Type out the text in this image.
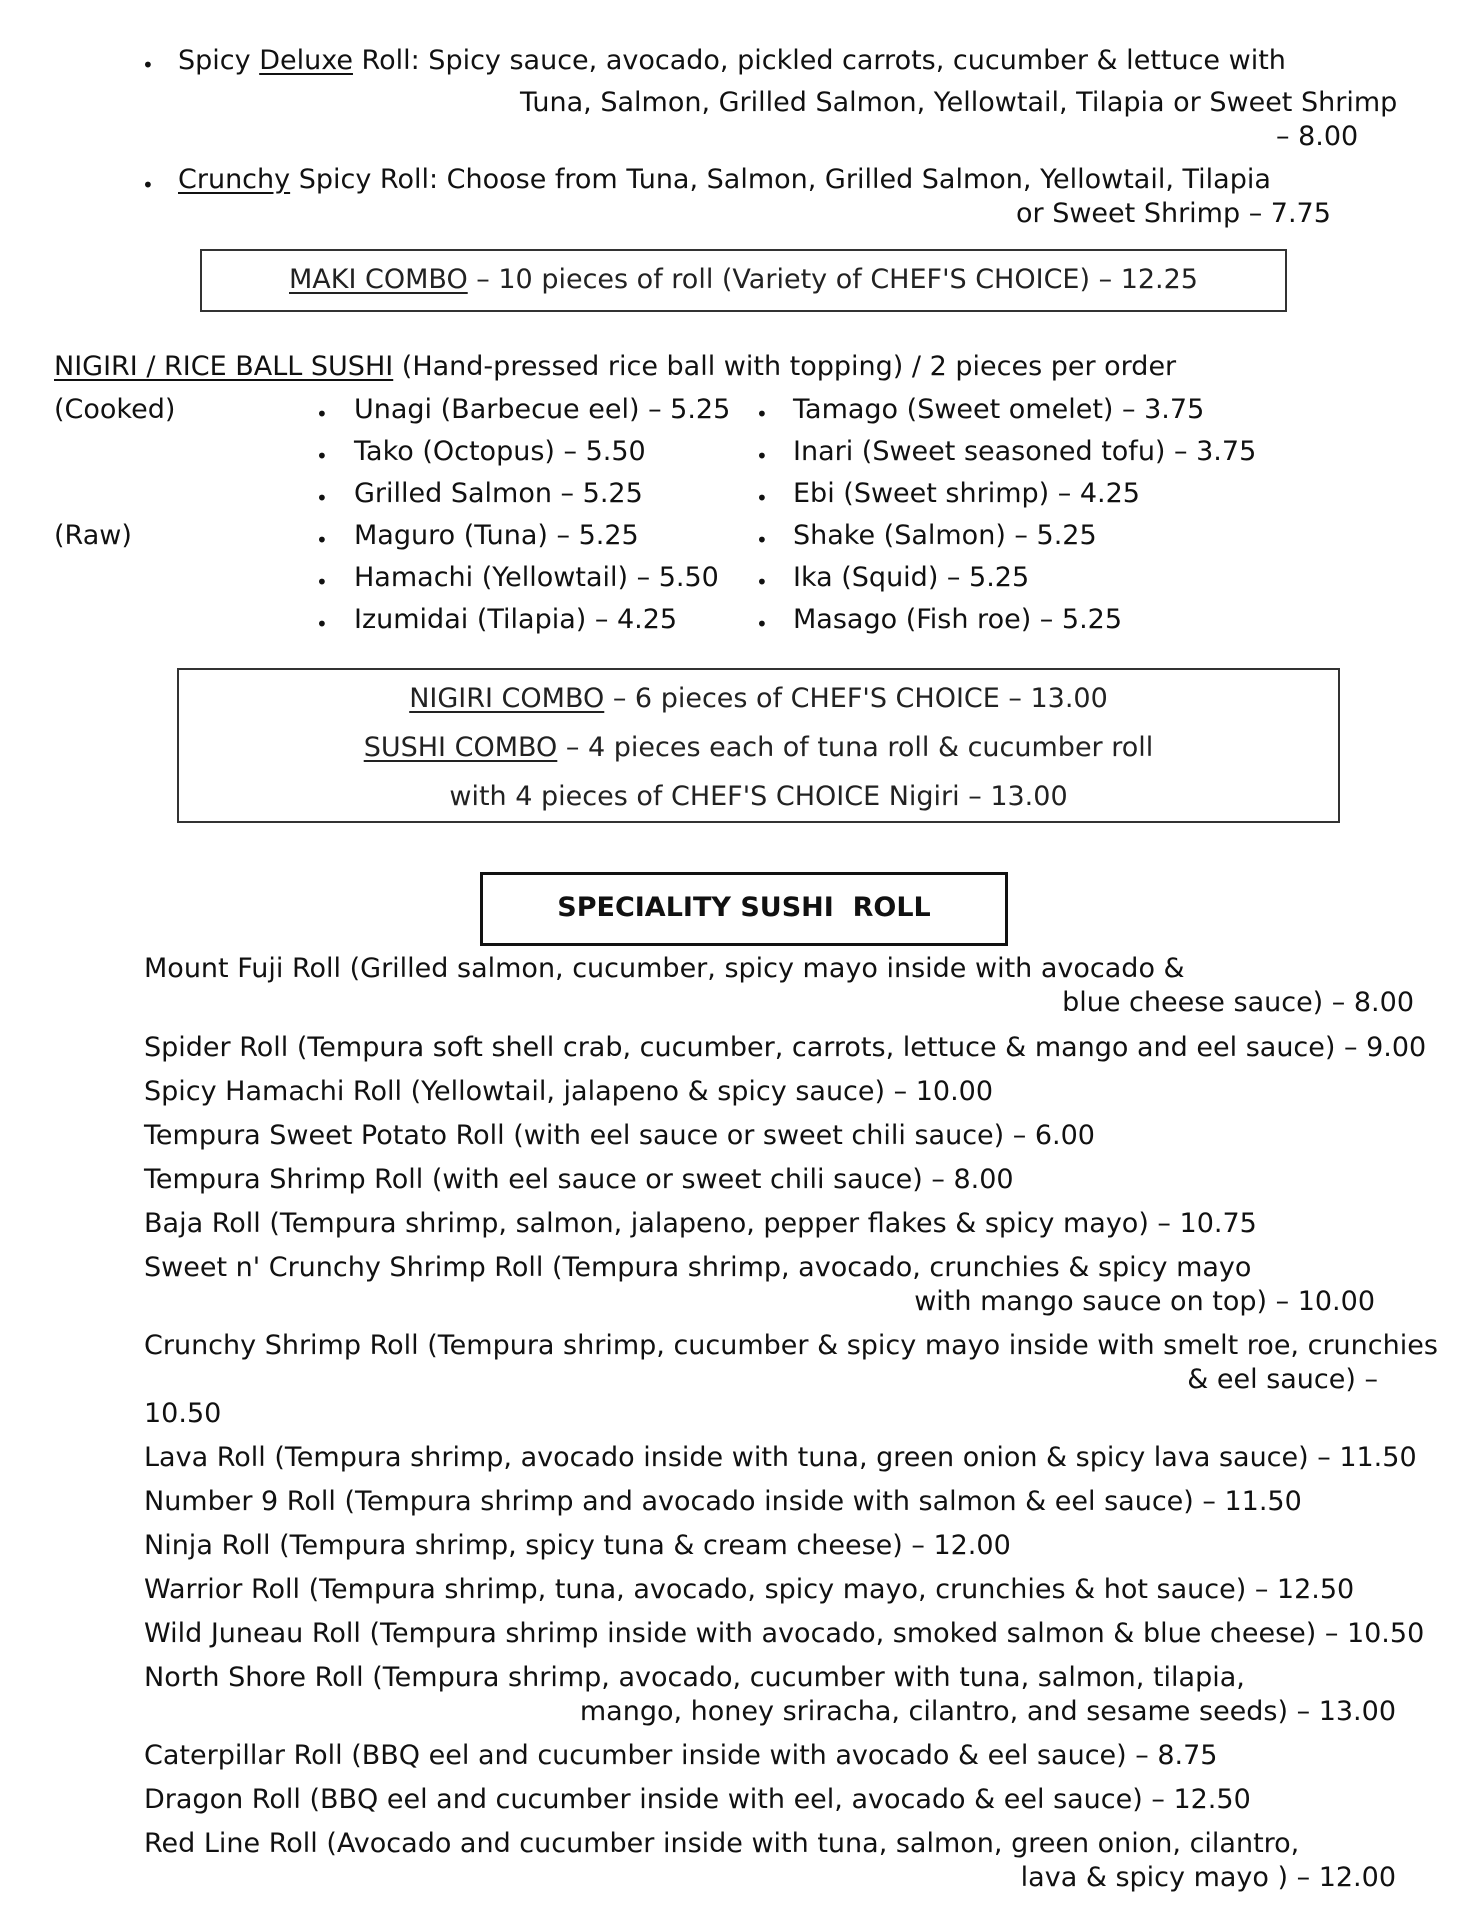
• Spicy Deluxe Roll: Spicy sauce, avocado, pickled carrots, cucumber & lettuce with
Tuna, Salmon, Grilled Salmon, Yellowtail, Tilapia or Sweet Shrimp
– 8.00
• Crunchy Spicy Roll: Choose from Tuna, Salmon, Grilled Salmon, Yellowtail, Tilapia
or Sweet Shrimp – 7.75
MAKI COMBO – 10 pieces of roll (Variety of CHEF'S CHOICE) – 12.25
NIGIRI / RICE BALL SUSHI (Hand-pressed rice ball with topping) / 2 pieces per order
(Cooked)
(Raw)
• Unagi (Barbecue eel) – 5.25
• Tako (Octopus) – 5.50
• Grilled Salmon – 5.25
• Maguro (Tuna) – 5.25
• Hamachi (Yellowtail) – 5.50
• Izumidai (Tilapia) – 4.25
• Tamago (Sweet omelet) – 3.75
• Inari (Sweet seasoned tofu) – 3.75
• Ebi (Sweet shrimp) – 4.25
• Shake (Salmon) – 5.25
• Ika (Squid) – 5.25
• Masago (Fish roe) – 5.25
NIGIRI COMBO – 6 pieces of CHEF'S CHOICE – 13.00
SUSHI COMBO – 4 pieces each of tuna roll & cucumber roll
with 4 pieces of CHEF'S CHOICE Nigiri – 13.00
SPECIALITY SUSHI  ROLL
Mount Fuji Roll (Grilled salmon, cucumber, spicy mayo inside with avocado &
blue cheese sauce) – 8.00
Spider Roll (Tempura soft shell crab, cucumber, carrots, lettuce & mango and eel sauce) – 9.00
Spicy Hamachi Roll (Yellowtail, jalapeno & spicy sauce) – 10.00
Tempura Sweet Potato Roll (with eel sauce or sweet chili sauce) – 6.00
Tempura Shrimp Roll (with eel sauce or sweet chili sauce) – 8.00
Baja Roll (Tempura shrimp, salmon, jalapeno, pepper flakes & spicy mayo) – 10.75
Sweet n' Crunchy Shrimp Roll (Tempura shrimp, avocado, crunchies & spicy mayo
with mango sauce on top) – 10.00
Crunchy Shrimp Roll (Tempura shrimp, cucumber & spicy mayo inside with smelt roe, crunchies
& eel sauce) –
10.50
Lava Roll (Tempura shrimp, avocado inside with tuna, green onion & spicy lava sauce) – 11.50
Number 9 Roll (Tempura shrimp and avocado inside with salmon & eel sauce) – 11.50
Ninja Roll (Tempura shrimp, spicy tuna & cream cheese) – 12.00
Warrior Roll (Tempura shrimp, tuna, avocado, spicy mayo, crunchies & hot sauce) – 12.50
Wild Juneau Roll (Tempura shrimp inside with avocado, smoked salmon & blue cheese) – 10.50
North Shore Roll (Tempura shrimp, avocado, cucumber with tuna, salmon, tilapia,
mango, honey sriracha, cilantro, and sesame seeds) – 13.00
Caterpillar Roll (BBQ eel and cucumber inside with avocado & eel sauce) – 8.75
Dragon Roll (BBQ eel and cucumber inside with eel, avocado & eel sauce) – 12.50
Red Line Roll (Avocado and cucumber inside with tuna, salmon, green onion, cilantro,
lava & spicy mayo ) – 12.00
